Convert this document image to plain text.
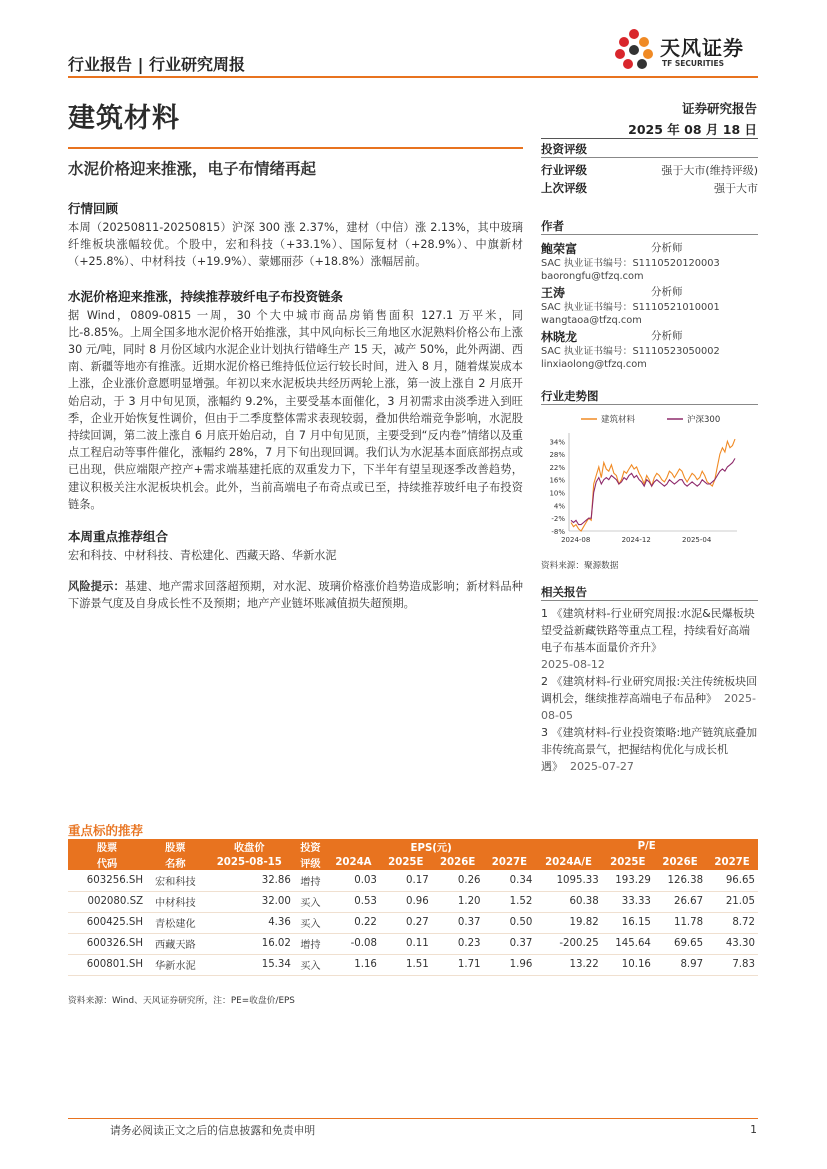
行业报告 | 行业研究周报
天风证券
TF SECURITIES
建筑材料	证券研究报告
2025 年 08 月 18 日
水泥价格迎来推涨，电子布情绪再起
行情回顾
本周（20250811-20250815）沪深 300 涨 2.37%，建材（中信）涨 2.13%，其中玻璃纤维板块涨幅较优。个股中，宏和科技（+33.1%）、国际复材（+28.9%）、中旗新材（+25.8%）、中材科技（+19.9%）、蒙娜丽莎（+18.8%）涨幅居前。
水泥价格迎来推涨，持续推荐玻纤电子布投资链条
据 Wind，0809-0815 一周，30 个大中城市商品房销售面积 127.1 万平米，同比-8.85%。上周全国多地水泥价格开始推涨，其中风向标长三角地区水泥熟料价格公布上涨 30 元/吨，同时 8 月份区域内水泥企业计划执行错峰生产 15 天，减产 50%，此外两湖、西南、新疆等地亦有推涨。近期水泥价格已维持低位运行较长时间，进入 8 月，随着煤炭成本上涨，企业涨价意愿明显增强。年初以来水泥板块共经历两轮上涨，第一波上涨自 2 月底开始启动，于 3 月中旬见顶，涨幅约 9.2%，主要受基本面催化，3 月初需求由淡季进入到旺季，企业开始恢复性调价，但由于二季度整体需求表现较弱，叠加供给端竞争影响，水泥股持续回调，第二波上涨自 6 月底开始启动，自 7 月中旬见顶，主要受到“反内卷”情绪以及重点工程启动等事件催化，涨幅约 28%，7 月下旬出现回调。我们认为水泥基本面底部拐点或已出现，供应端限产控产+需求端基建托底的双重发力下，下半年有望呈现逐季改善趋势，建议积极关注水泥板块机会。此外，当前高端电子布奇点或已至，持续推荐玻纤电子布投资链条。
本周重点推荐组合
宏和科技、中材科技、青松建化、西藏天路、华新水泥
风险提示：基建、地产需求回落超预期，对水泥、玻璃价格涨价趋势造成影响；新材料品种下游景气度及自身成长性不及预期；地产产业链坏账减值损失超预期。
投资评级
行业评级	强于大市(维持评级)
上次评级	强于大市
作者
鲍荣富	分析师
SAC 执业证书编号：S1110520120003
baorongfu@tfzq.com
王涛	分析师
SAC 执业证书编号：S1110521010001
wangtaoa@tfzq.com
林晓龙	分析师
SAC 执业证书编号：S1110523050002
linxiaolong@tfzq.com
行业走势图
建筑材料	沪深300
-8%
-2%
4%
10%
16%
22%
28%
34%
2024-08	2024-12	2025-04
资料来源：聚源数据
相关报告
1 《建筑材料-行业研究周报:水泥&民爆板块望受益新藏铁路等重点工程，持续看好高端电子布基本面量价齐升》
2025-08-12
2 《建筑材料-行业研究周报:关注传统板块回调机会，继续推荐高端电子布品种》 2025-08-05
3 《建筑材料-行业投资策略:地产链筑底叠加非传统高景气，把握结构优化与成长机遇》 2025-07-27
重点标的推荐
股票	股票	收盘价	投资	EPS(元)				P/E			
代码	名称	2025-08-15	评级	2024A	2025E	2026E	2027E	2024A/E	2025E	2026E	2027E
603256.SH	宏和科技	32.86	增持	0.03	0.17	0.26	0.34	1095.33	193.29	126.38	96.65
002080.SZ	中材科技	32.00	买入	0.53	0.96	1.20	1.52	60.38	33.33	26.67	21.05
600425.SH	青松建化	4.36	买入	0.22	0.27	0.37	0.50	19.82	16.15	11.78	8.72
600326.SH	西藏天路	16.02	增持	-0.08	0.11	0.23	0.37	-200.25	145.64	69.65	43.30
600801.SH	华新水泥	15.34	买入	1.16	1.51	1.71	1.96	13.22	10.16	8.97	7.83
资料来源：Wind、天风证券研究所，注：PE=收盘价/EPS
请务必阅读正文之后的信息披露和免责申明	1
